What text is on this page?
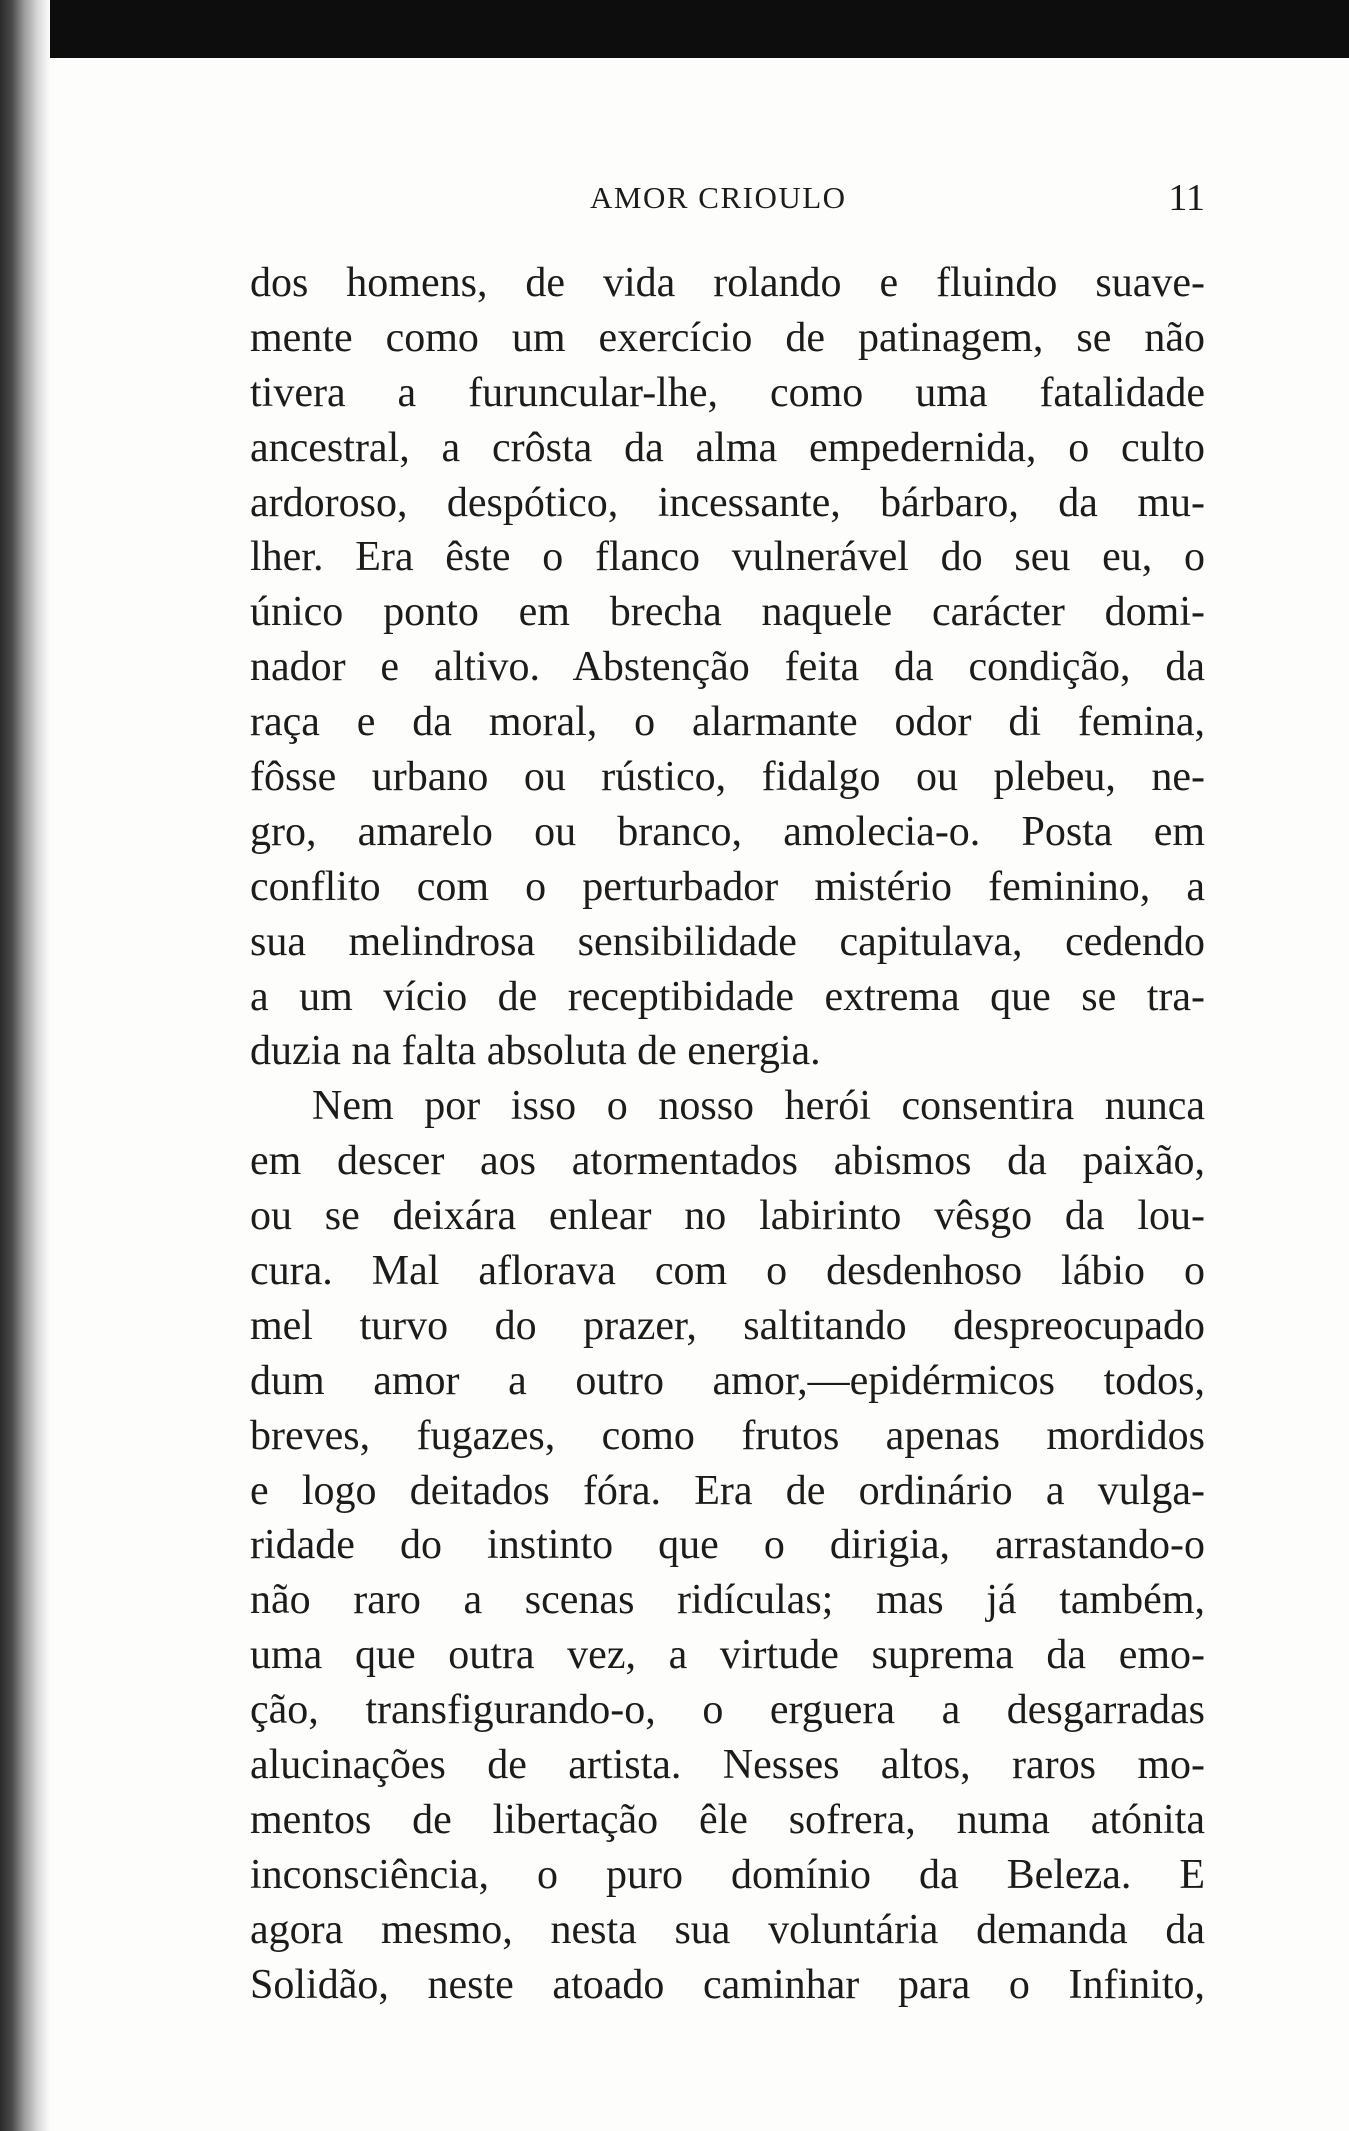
AMOR CRIOULO	11
dos homens, de vida rolando e fluindo suave-
mente como um exercício de patinagem, se não
tivera a furuncular-lhe, como uma fatalidade
ancestral, a crôsta da alma empedernida, o culto
ardoroso, despótico, incessante, bárbaro, da mu-
lher. Era êste o flanco vulnerável do seu eu, o
único ponto em brecha naquele carácter domi-
nador e altivo. Abstenção feita da condição, da
raça e da moral, o alarmante odor di femina,
fôsse urbano ou rústico, fidalgo ou plebeu, ne-
gro, amarelo ou branco, amolecia-o. Posta em
conflito com o perturbador mistério feminino, a
sua melindrosa sensibilidade capitulava, cedendo
a um vício de receptibidade extrema que se tra-
duzia na falta absoluta de energia.
Nem por isso o nosso herói consentira nunca
em descer aos atormentados abismos da paixão,
ou se deixára enlear no labirinto vêsgo da lou-
cura. Mal aflorava com o desdenhoso lábio o
mel turvo do prazer, saltitando despreocupado
dum amor a outro amor,—epidérmicos todos,
breves, fugazes, como frutos apenas mordidos
e logo deitados fóra. Era de ordinário a vulga-
ridade do instinto que o dirigia, arrastando-o
não raro a scenas ridículas; mas já também,
uma que outra vez, a virtude suprema da emo-
ção, transfigurando-o, o erguera a desgarradas
alucinações de artista. Nesses altos, raros mo-
mentos de libertação êle sofrera, numa atónita
inconsciência, o puro domínio da Beleza. E
agora mesmo, nesta sua voluntária demanda da
Solidão, neste atoado caminhar para o Infinito,
